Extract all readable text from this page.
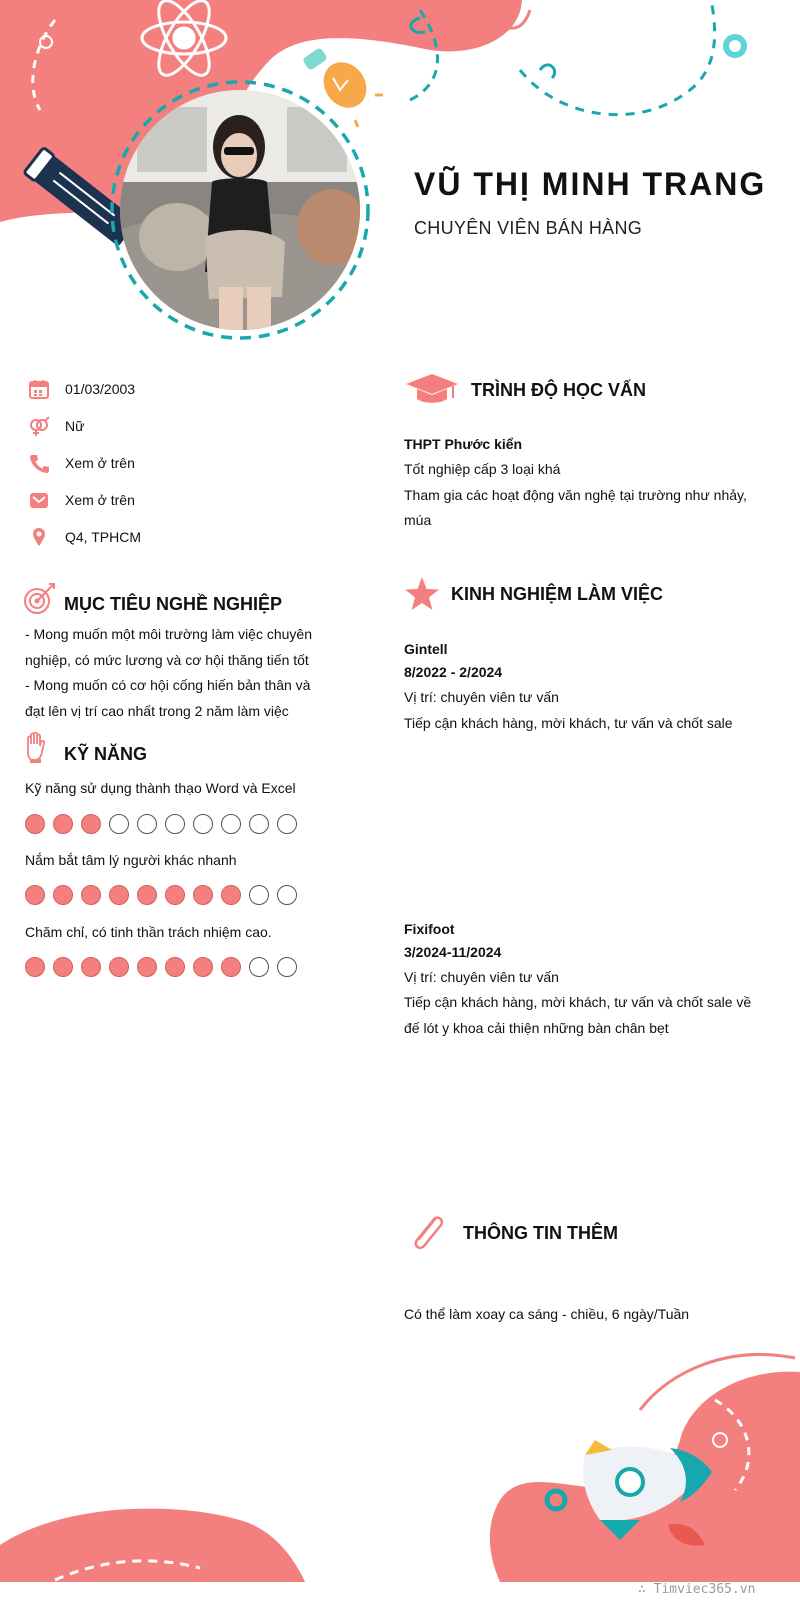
VŨ THỊ MINH TRANG
CHUYÊN VIÊN BÁN HÀNG
01/03/2003
Nữ
Xem ở trên
Xem ở trên
Q4, TPHCM
MỤC TIÊU NGHỀ NGHIỆP
- Mong muốn một môi trường làm việc chuyên
nghiệp, có mức lương và cơ hội thăng tiến tốt
- Mong muốn có cơ hội cống hiến bản thân và
đạt lên vị trí cao nhất trong 2 năm làm việc
KỸ NĂNG
Kỹ năng sử dụng thành thạo Word và Excel
Nắm bắt tâm lý người khác nhanh
Chăm chỉ, có tinh thần trách nhiệm cao.
TRÌNH ĐỘ HỌC VẤN
THPT Phước kiển
Tốt nghiệp cấp 3 loại khá
Tham gia các hoạt động văn nghệ tại trường như nhảy,
múa
KINH NGHIỆM LÀM VIỆC
Gintell
8/2022 - 2/2024
Vị trí: chuyên viên tư vấn
Tiếp cận khách hàng, mời khách, tư vấn và chốt sale
Fixifoot
3/2024-11/2024
Vị trí: chuyên viên tư vấn
Tiếp cận khách hàng, mời khách, tư vấn và chốt sale về
đế lót y khoa cải thiện những bàn chân bẹt
THÔNG TIN THÊM
Có thể làm xoay ca sáng - chiều, 6 ngày/Tuần
∴ Timviec365.vn
